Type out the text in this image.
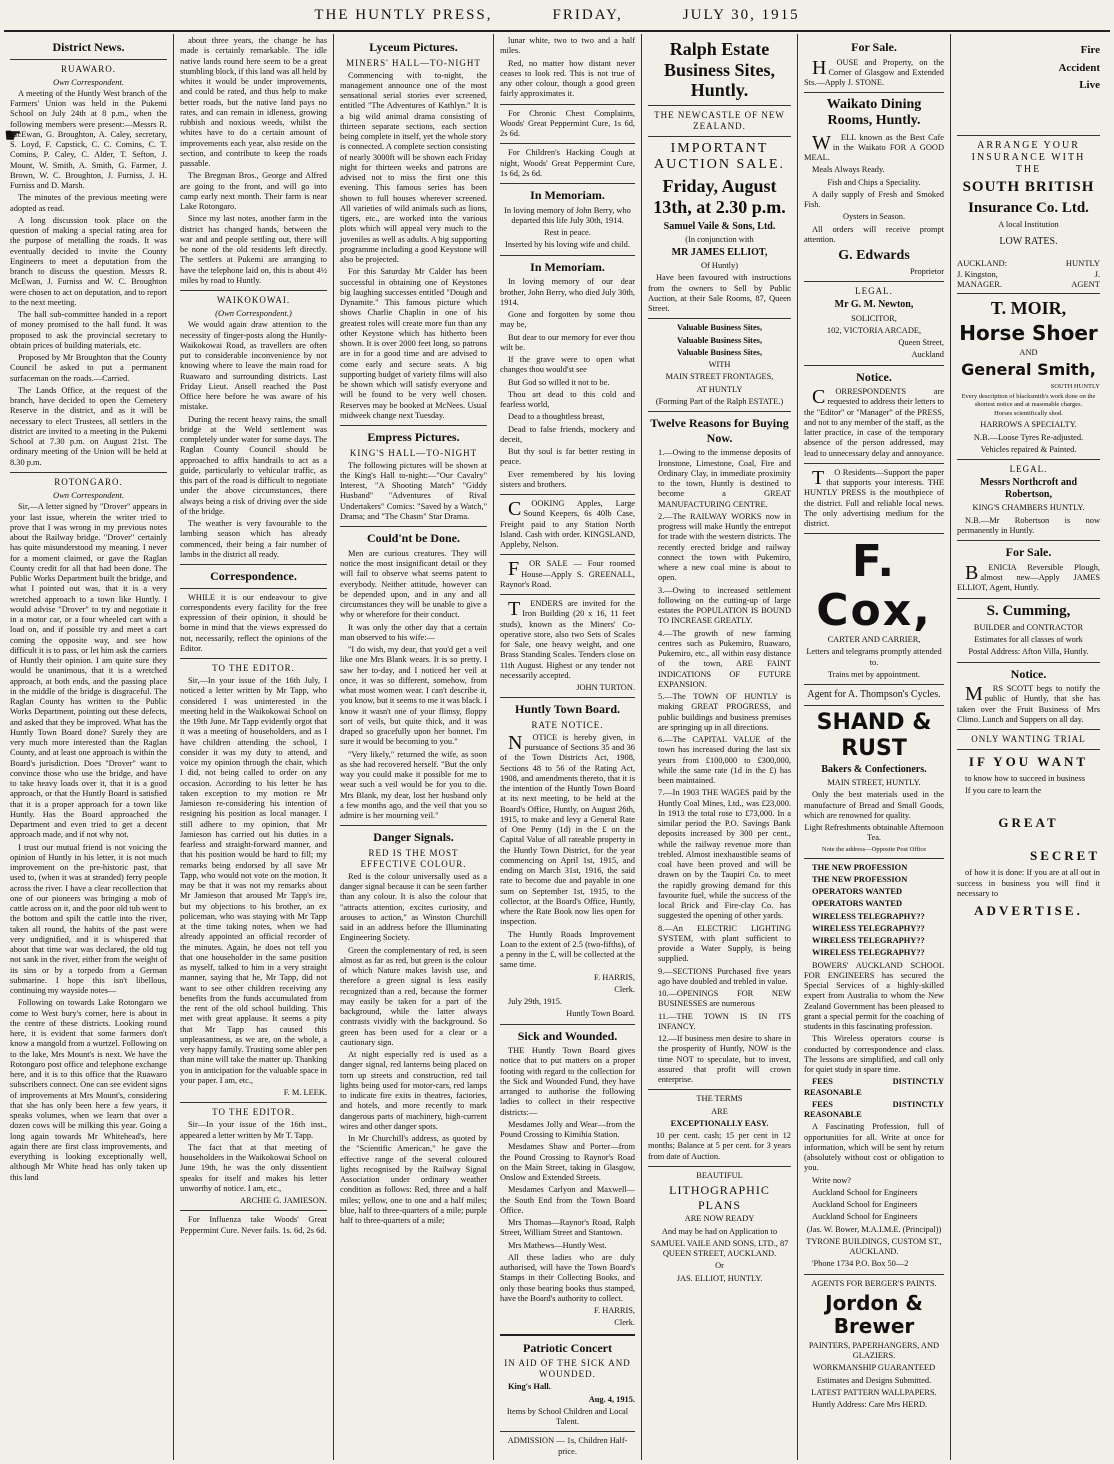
THE HUNTLY PRESS,	FRIDAY,	JULY 30, 1915
☛
District News.
RUAWARO.
Own Correspondent.

A meeting of the Huntly West branch of the Farmers' Union was held in the Pukemi School on July 24th at 8 p.m., when the following members were present:—Messrs R. McEwan, G. Broughton, A. Caley, secretary, S. Loyd, F. Capstick, C. C. Comins, C. T. Comins, P. Caley, C. Alder, T. Sefton, J. Mount, W. Smith, A. Smith, G. Farmer, J. Brown, W. C. Broughton, J. Furniss, J. H. Furniss and D. Marsh.

The minutes of the previous meeting were adopted as read.

A long discussion took place on the question of making a special rating area for the purpose of metalling the roads. It was eventually decided to invite the County Engineers to meet a deputation from the branch to discuss the question. Messrs R. McEwan, J. Furniss and W. C. Broughton were chosen to act on deputation, and to report to the next meeting.

The hall sub-committee handed in a report of money promised to the hall fund. It was proposed to ask the provincial secretary to obtain prices of building materials, etc.

Proposed by Mr Broughton that the County Council be asked to put a permanent surfaceman on the roads.—Carried.

The Lands Office, at the request of the branch, have decided to open the Cemetery Reserve in the district, and as it will be necessary to elect Trustees, all settlers in the district are invited to a meeting in the Pukemi School at 7.30 p.m. on August 21st. The ordinary meeting of the Union will be held at 8.30 p.m.

ROTONGARO.
Own Correspondent.

Sir,—A letter signed by "Drover" appears in your last issue, wherein the writer tried to prove that I was wrong in my previous notes about the Railway bridge. "Drover" certainly has quite misunderstood my meaning. I never for a moment claimed, or gave the Raglan County credit for all that had been done. The Public Works Department built the bridge, and what I pointed out was, that it is a very wretched approach to a town like Huntly. I would advise "Drover" to try and negotiate it in a motor car, or a four wheeled cart with a load on, and if possible try and meet a cart coming the opposite way, and see how difficult it is to pass, or let him ask the carriers of Huntly their opinion. I am quite sure they would be unanimous, that it is a wretched approach, at both ends, and the passing place in the middle of the bridge is disgraceful. The Raglan County has written to the Public Works Department, pointing out these defects, and asked that they be improved. What has the Huntly Town Board done? Surely they are very much more interested than the Raglan County, and at least one approach is within the Board's jurisdiction. Does "Drover" want to convince those who use the bridge, and have to take heavy loads over it, that it is a good approach, or that the Huntly Board is satisfied that it is a proper approach for a town like Huntly. Has the Board approached the Department and even tried to get a decent approach made, and if not why not.

I trust our mutual friend is not voicing the opinion of Huntly in his letter, it is not much improvement on the pre-historic past, that used to, (when it was at stranded) ferry people across the river. I have a clear recollection that one of our pioneers was bringing a mob of cattle across on it, and the poor old tub went to the bottom and spilt the cattle into the river, taken all round, the habits of the past were very undignified, and it is whispered that about that time war was declared, the old tug not sank in the river, either from the weight of its sins or by a torpedo from a German submarine. I hope this isn't libellous, continuing my wayside notes—

Following on towards Lake Rotongaro we come to West bury's corner, here is about in the centre of these districts. Looking round here, it is evident that some farmers don't know a mangold from a wurtzel. Following on to the lake, Mrs Mount's is next. We have the Rotongaro post office and telephone exchange here, and it is to this office that the Ruawaro subscribers connect. One can see evident signs of improvements at Mrs Mount's, considering that she has only been here a few years, it speaks volumes, when we learn that over a dozen cows will be milking this year. Going a long again towards Mr Whitehead's, here again there are first class improvements, and everything is looking exceptionally well, although Mr White head has only taken up this land

about three years, the change he has made is certainly remarkable. The idle native lands round here seem to be a great stumbling block, if this land was all held by whites it would be under improvements, and could be rated, and thus help to make better roads, but the native land pays no rates, and can remain in idleness, growing rubbish and noxious weeds, whilst the whites have to do a certain amount of improvements each year, also reside on the section, and contribute to keep the roads passable.

The Bregman Bros., George and Alfred are going to the front, and will go into camp early next month. Their farm is near Lake Rotongaro.

Since my last notes, another farm in the district has changed hands, between the war and and people settling out, there will be none of the old residents left directly. The settlers at Pukemi are arranging to have the telephone laid on, this is about 4½ miles by road to Huntly.

WAIKOKOWAI.
(Own Correspondent.)

We would again draw attention to the necessity of finger-posts along the Huntly-Waikokowai Road, as travellers are often put to considerable inconvenience by not knowing where to leave the main road for Ruawaro and surrounding districts. Last Friday Lieut. Ansell reached the Post Office here before he was aware of his mistake.

During the recent heavy rains, the small bridge at the Weld settlement was completely under water for some days. The Raglan County Council should be approached to affix handrails to act as a guide, particularly to vehicular traffic, as this part of the road is difficult to negotiate under the above circumstances, there always being a risk of driving over the side of the bridge.

The weather is very favourable to the lambing season which has already commenced, their being a fair number of lambs in the district all ready.

Correspondence.

WHILE it is our endeavour to give correspondents every facility for the free expression of their opinion, it should be borne in mind that the views expressed do not, necessarily, reflect the opinions of the Editor.

TO THE EDITOR.

Sir,—In your issue of the 16th July, I noticed a letter written by Mr Tapp, who considered I was uninterested in the meeting held in the Waikokowai School on the 19th June. Mr Tapp evidently orgot that it was a meeting of householders, and as I have children attending the school, I consider it was my duty to attend, and voice my opinion through the chair, which I did, not being called to order on any occasion. According to his letter he has taken exception to my motion re Mr Jamieson re-considering his intention of resigning his position as local manager. I still adhere to my opinion, that Mr Jamieson has carried out his duties in a fearless and straight-forward manner, and that his position would be hard to fill; my remarks being endorsed by all save Mr Tapp, who would not vote on the motion. It may be that it was not my remarks about Mr Jamieson that aroused Mr Tapp's ire, but my objections to his brother, an ex policeman, who was staying with Mr Tapp at the time taking notes, when we had already appointed an official recorder of the minutes. Again, he does not tell you that one householder in the same position as myself, talked to him in a very straight manner, saying that he, Mr Tapp, did not want to see other children receiving any benefits from the funds accumulated from the rent of the old school building. This met with great applause. It seems a pity that Mr Tapp has caused this unpleasantness, as we are, on the whole, a very happy family. Trusting some abler pen than mine will take the matter up. Thanking you in anticipation for the valuable space in your paper. I am, etc.,

F. M. LEEK.

TO THE EDITOR.

Sir—In your issue of the 16th inst., appeared a letter written by Mr T. Tapp.

The fact that at that meeting of householders in the Waikokowai School on June 19th, he was the only dissentient speaks for itself and makes his letter unworthy of notice. I am, etc.,

ARCHIE G. JAMIESON.

For Influenza take Woods' Great Peppermint Cure. Never fails. 1s. 6d, 2s 6d.

Lyceum Pictures.
MINERS' HALL—TO-NIGHT

Commencing with to-night, the management announce one of the most sensational serial stories ever screened, entitled "The Adventures of Kathlyn." It is a big wild animal drama consisting of thirteen separate sections, each section being complete in itself, yet the whole story is connected. A complete section consisting of nearly 3000ft will be shown each Friday night for thirteen weeks and patrons are advised not to miss the first one this evening. This famous series has been shown to full houses wherever screened. All varieties of wild animals such as lions, tigers, etc., are worked into the various plots which will appeal very much to the juveniles as well as adults. A big supporting programme including a good Keystone will also be projected.

For this Saturday Mr Calder has been successful in obtaining one of Keystones big laughing successes entitled "Dough and Dynamite." This famous picture which shows Charlie Chaplin in one of his greatest roles will create more fun than any other Keystone which has hitherto been shown. It is over 2000 feet long, so patrons are in for a good time and are advised to come early and secure seats. A big supporting budget of variety films will also be shown which will satisfy everyone and will be found to be very well chosen. Reserves may be booked at McNees. Usual midweek change next Tuesday.

Empress Pictures.
KING'S HALL—TO-NIGHT

The following pictures will be shown at the King's Hall to-night:—"Our Cavalry" Interest, "A Shooting Match" "Giddy Husband" "Adventures of Rival Undertakers" Comics: "Saved by a Watch," Drama; and "The Chasm" Star Drama.

Could'nt be Done.

Men are curious creatures. They will notice the most insignificant detail or they will fail to observe what seems patent to everybody. Neither attitude, however can be depended upon, and in any and all circumstances they will be unable to give a why or wherefore for their conduct.

It was only the other day that a certain man observed to his wife:—

"I do wish, my dear, that you'd get a veil like one Mrs Blank wears. It is so pretty. I saw her to-day, and I noticed her veil at once, it was so different, somehow, from what most women wear. I can't describe it, you know, but it seems to me it was black. I know it wasn't one of your flimsy, floppy sort of veils, but quite thick, and it was draped so gracefully upon her bonnet. I'm sure it would be becoming to you."

"Very likely," returned the wife, as soon as she had recovered herself. "But the only way you could make it possible for me to wear such a veil would be for you to die. Mrs Blank, my dear, lost her husband only a few months ago, and the veil that you so admire is her mourning veil."

Danger Signals.
RED IS THE MOST EFFECTIVE COLOUR.

Red is the colour universally used as a danger signal because it can be seen farther than any colour. It is also the colour that "attracts attention, excites curiosity, and arouses to action," as Winston Churchill said in an address before the Illuminating Engineering Society.

Green the complementary of red, is seen almost as far as red, but green is the colour of which Nature makes lavish use, and therefore a green signal is less easily recognized than a red, because the former may easily be taken for a part of the background, while the latter always contrasts vividly with the background. So green has been used for a clear or a cautionary sign.

At night especially red is used as a danger signal, red lanterns being placed on torn up streets and construction, red tail lights being used for motor-cars, red lamps to indicate fire exits in theatres, factories, and hotels, and more recently to mark dangerous parts of machinery, high-current wires and other danger spots.

In Mr Churchill's address, as quoted by the "Scientific American," he gave the effective range of the several coloured lights recognised by the Railway Signal Association under ordinary weather condition as follows: Red, three and a half miles; yellow, one to one and a half miles; blue, half to three-quarters of a mile; purple half to three-quarters of a mile;

lunar white, two to two and a half miles.

Red, no matter how distant never ceases to look red. This is not true of any other colour, though a good green fairly approximates it.

For Chronic Chest Complaints, Woods' Great Peppermint Cure, 1s 6d, 2s 6d.

For Children's Hacking Cough at night, Woods' Great Peppermint Cure, 1s 6d, 2s 6d.

In Memoriam.

In loving memory of John Berry, who departed this life July 30th, 1914.

Rest in peace.

Inserted by his loving wife and child.

In Memoriam.

In loving memory of our dear brother, John Berry, who died July 30th, 1914.

Gone and forgotten by some thou may be,

But dear to our memory for ever thou wilt be.

If the grave were to open what changes thou would'st see

But God so willed it not to be.

Thou art dead to this cold and fearless world,

Dead to a thoughtless breast,

Dead to false friends, mockery and deceit,

But thy soul is far better resting in peace.

Ever remembered by his loving sisters and brothers.

COOKING Apples, Large Sound Keepers, 6s 40lb Case, Freight paid to any Station North Island. Cash with order. KINGSLAND, Appleby, Nelson.

FOR SALE — Four roomed House—Apply S. GREENALL, Raynor's Road.

TENDERS are invited for the Iron Building (20 x 16, 11 feet studs), known as the Miners' Co-operative store, also two Sets of Scales for Sale, one heavy weight, and one Brass Standing Scales. Tenders close on 11th August. Highest or any tender not necessarily accepted.

JOHN TURTON.

Huntly Town Board.
RATE NOTICE.

NOTICE is hereby given, in pursuance of Sections 35 and 36 of the Town Districts Act, 1908, Sections 48 to 56 of the Rating Act, 1908, and amendments thereto, that it is the intention of the Huntly Town Board at its next meeting, to be held at the Board's Office, Huntly, on August 26th, 1915, to make and levy a General Rate of One Penny (1d) in the £ on the Capital Value of all rateable property in the Huntly Town District, for the year commencing on April 1st, 1915, and ending on March 31st, 1916, the said rate to become due and payable in one sum on September 1st, 1915, to the collector, at the Board's Office, Huntly, where the Rate Book now lies open for inspection.

The Huntly Roads Improvement Loan to the extent of 2.5 (two-fifths), of a penny in the £, will be collected at the same time.

F. HARRIS,

Clerk.

July 29th, 1915.

Huntly Town Board.

Sick and Wounded.

THE Huntly Town Board gives notice that to put matters on a proper footing with regard to the collection for the Sick and Wounded Fund, they have arranged to authorise the following ladies to collect in their respective districts:—

Mesdames Jolly and Wear—from the Pound Crossing to Kimihia Station.

Mesdames Shaw and Porter—from the Pound Crossing to Raynor's Road on the Main Street, taking in Glasgow, Onslow and Extended Streets.

Mesdames Carlyon and Maxwell—the South End from the Town Board Office.

Mrs Thomas—Raynor's Road, Ralph Street, William Street and Stantown.

Mrs Mathews—Huntly West.

All these ladies who are duly authorised, will have the Town Board's Stamps in their Collecting Books, and only those bearing books thus stamped, have the Board's authority to collect.

F. HARRIS,

Clerk.

Patriotic Concert
IN AID OF THE SICK AND WOUNDED.

King's Hall.

Aug. 4, 1915.

Items by School Children and Local Talent.

ADMISSION — 1s, Children Half-price.

Ralph Estate Business Sites, Huntly.
THE NEWCASTLE OF NEW ZEALAND.
IMPORTANT AUCTION SALE.
Friday, August 13th, at 2.30 p.m.

Samuel Vaile & Sons, Ltd.

(In conjunction with

MR JAMES ELLIOT,

Of Huntly)

Have been favoured with instructions from the owners to Sell by Public Auction, at their Sale Rooms, 87, Queen Street.

Valuable Business Sites,

Valuable Business Sites,

Valuable Business Sites,

WITH

MAIN STREET FRONTAGES,

AT HUNTLY

(Forming Part of the Ralph ESTATE.)

Twelve Reasons for Buying Now.

1.—Owing to the immense deposits of Ironstone, Limestone, Coal, Fire and Ordinary Clay, in immediate proximity to the town, Huntly is destined to become a GREAT MANUFACTURING CENTRE.

2.—The RAILWAY WORKS now in progress will make Huntly the entrepot for trade with the western districts. The recently erected bridge and railway connect the town with Pukemiro, where a new coal mine is about to open.

3.—Owing to increased settlement following on the cutting-up of large estates the POPULATION IS BOUND TO INCREASE GREATLY.

4.—The growth of new farming centres such as Pukemiro, Ruawaro, Pukemiro, etc., all within easy distance of the town, ARE FAINT INDICATIONS OF FUTURE EXPANSION.

5.—The TOWN OF HUNTLY is making GREAT PROGRESS, and public buildings and business premises are springing up in all directions.

6.—The CAPITAL VALUE of the town has increased during the last six years from £100,000 to £300,000, while the same rate (1d in the £) has been maintained.

7.—In 1903 THE WAGES paid by the Huntly Coal Mines, Ltd., was £23,000. In 1913 the total rose to £73,000. In a similar period the P.O. Savings Bank deposits increased by 300 per cent., while the railway revenue more than trebled. Almost inexhaustible seams of coal have been proved and will be drawn on by the Taupiri Co. to meet the rapidly growing demand for this favourite fuel, while the success of the local Brick and Fire-clay Co. has suggested the opening of other yards.

8.—An ELECTRIC LIGHTING SYSTEM, with plant sufficient to provide a Water Supply, is being supplied.

9.—SECTIONS Purchased five years ago have doubled and trebled in value.

10.—OPENINGS FOR NEW BUSINESSES are numerous

11.—THE TOWN IS IN ITS INFANCY.

12.—If business men desire to share in the prosperity of Huntly, NOW is the time NOT to speculate, but to invest, assured that profit will crown enterprise.

THE TERMS

ARE

EXCEPTIONALLY EASY.

10 per cent. cash; 15 per cent in 12 months; Balance at 5 per cent. for 3 years from date of Auction.

BEAUTIFUL

LITHOGRAPHIC PLANS

ARE NOW READY

And may be had on Application to

SAMUEL VAILE AND SONS, LTD., 87 QUEEN STREET, AUCKLAND.

Or

JAS. ELLIOT, HUNTLY.

For Sale.

HOUSE and Property, on the Corner of Glasgow and Extended Sts.—Apply J. STONE.

Waikato Dining Rooms, Huntly.

WELL known as the Best Cafe in the Waikato FOR A GOOD MEAL.

Meals Always Ready.

Fish and Chips a Speciality.

A daily supply of Fresh and Smoked Fish.

Oysters in Season.

All orders will receive prompt attention.

G. Edwards

Proprietor

LEGAL.

Mr G. M. Newton,

SOLICITOR,

102, VICTORIA ARCADE,

Queen Street,

Auckland

Notice.

CORRESPONDENTS are requested to address their letters to the "Editor" or "Manager" of the PRESS, and not to any member of the staff, as the latter practice, in case of the temporary absence of the person addressed, may lead to unnecessary delay and annoyance.

TO Residents—Support the paper that supports your interests. THE HUNTLY PRESS is the mouthpiece of the district. Full and reliable local news. The only advertising medium for the district.

F. Cox,

CARTER AND CARRIER,

Letters and telegrams promptly attended to.

Trains met by appointment.

Agent for A. Thompson's Cycles.

SHAND & RUST

Bakers & Confectioners.

MAIN STREET, HUNTLY.

Only the best materials used in the manufacture of Bread and Small Goods, which are renowned for quality.

Light Refreshments obtainable Afternoon Tea.

Note the address—Opposite Post Office

THE NEW PROFESSION

THE NEW PROFESSION

OPERATORS WANTED

OPERATORS WANTED

WIRELESS TELEGRAPHY??

WIRELESS TELEGRAPHY??

WIRELESS TELEGRAPHY??

WIRELESS TELEGRAPHY??

BOWERS' AUCKLAND SCHOOL FOR ENGINEERS has secured the Special Services of a highly-skilled expert from Australia to whom the New Zealand Government has been pleased to grant a special permit for the coaching of students in this fascinating profession.

This Wireless operators course is conducted by correspondence and class. The lessons are simplified, and call only for quiet study in spare time.

FEES DISTINCTLY REASONABLE

FEES DISTINCTLY REASONABLE

A Fascinating Profession, full of opportunities for all. Write at once for information, which will be sent by return (absolutely without cost or obligation to you.

Write now?

Auckland School for Engineers

Auckland School for Engineers

Auckland School for Engineers

(Jas. W. Bower, M.A.I.M.E. (Principal))

TYRONE BUILDINGS, CUSTOM ST., AUCKLAND.

'Phone 1734 P.O. Box 50—2

AGENTS FOR BERGER'S PAINTS.

Jordon & Brewer

PAINTERS, PAPERHANGERS, AND GLAZIERS.

WORKMANSHIP GUARANTEED

Estimates and Designs Submitted.

LATEST PATTERN WALLPAPERS.

Huntly Address: Care Mrs HERD.

Fire
Accident
Live

ARRANGE YOUR INSURANCE WITH THE

SOUTH BRITISH
Insurance Co. Ltd.

A local Institution

LOW RATES.

AUCKLAND:
J. Kingston,
MANAGER.
HUNTLY
J.
AGENT
T. MOIR,
Horse Shoer

AND

General Smith,

SOUTH HUNTLY

Every description of blacksmith's work done on the shortest notice and at reasonable charges.

Horses scientifically shod.

HARROWS A SPECIALTY.

N.B.—Loose Tyres Re-adjusted.

Vehicles repaired & Painted.

LEGAL.

Messrs Northcroft and Robertson,

KING'S CHAMBERS HUNTLY.

N.B.—Mr Robertson is now permanently in Huntly.

For Sale.

BENICIA Reversible Plough, almost new—Apply JAMES ELLIOT, Agent, Huntly.

S. Cumming,

BUILDER and CONTRACTOR

Estimates for all classes of work

Postal Address: Afton Villa, Huntly.

Notice.

MRS SCOTT begs to notify the public of Huntly, that she has taken over the Fruit Business of Mrs Climo. Lunch and Suppers on all day.

ONLY WANTING TRIAL

IF YOU WANT

to know how to succeed in business

If you care to learn the

GREAT
SECRET

of how it is done: If you are at all out in success in business you will find it necessary to

ADVERTISE.
